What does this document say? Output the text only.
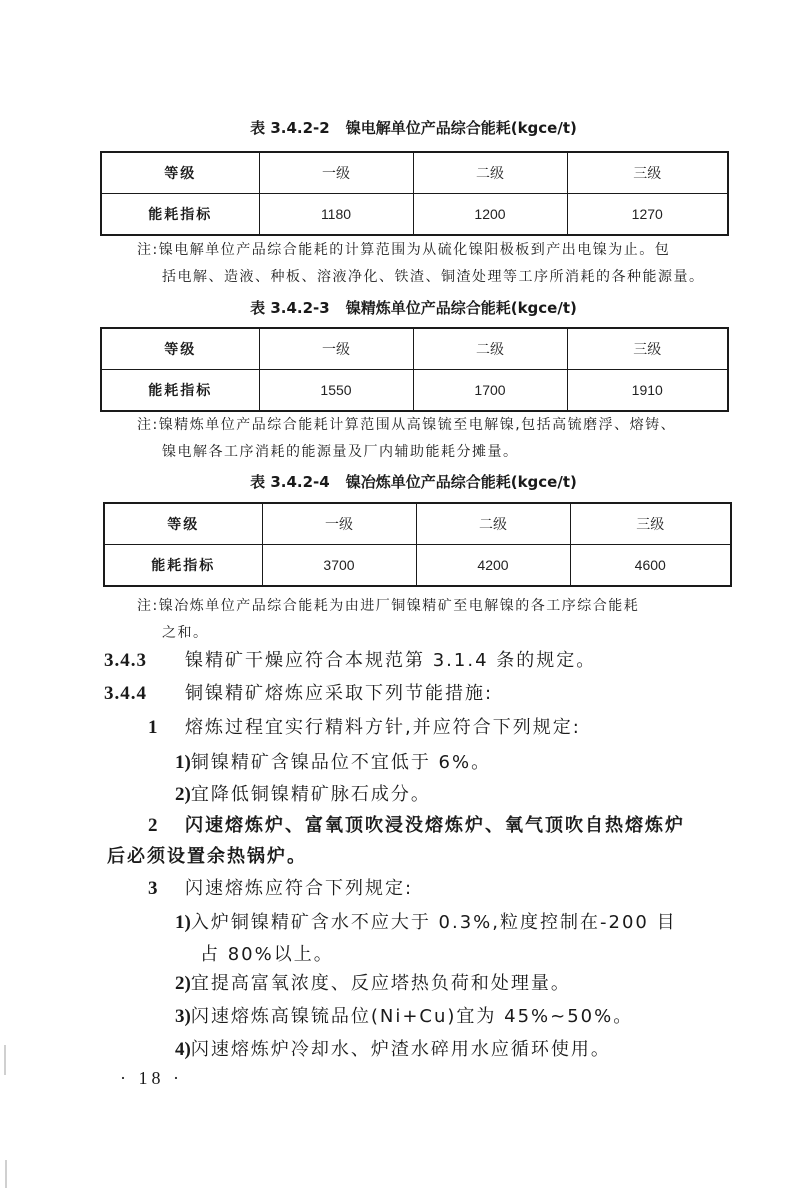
表 3.4.2-2 镍电解单位产品综合能耗(kgce/t)
等级	一级	二级	三级
能耗指标	1180	1200	1270
注:镍电解单位产品综合能耗的计算范围为从硫化镍阳极板到产出电镍为止。包
括电解、造液、种板、溶液净化、铁渣、铜渣处理等工序所消耗的各种能源量。
表 3.4.2-3 镍精炼单位产品综合能耗(kgce/t)
等级	一级	二级	三级
能耗指标	1550	1700	1910
注:镍精炼单位产品综合能耗计算范围从高镍锍至电解镍,包括高锍磨浮、熔铸、
镍电解各工序消耗的能源量及厂内辅助能耗分摊量。
表 3.4.2-4 镍冶炼单位产品综合能耗(kgce/t)
等级	一级	二级	三级
能耗指标	3700	4200	4600
注:镍冶炼单位产品综合能耗为由进厂铜镍精矿至电解镍的各工序综合能耗
之和。
3.4.3 镍精矿干燥应符合本规范第 3.1.4 条的规定。
3.4.4 铜镍精矿熔炼应采取下列节能措施:
1 熔炼过程宜实行精料方针,并应符合下列规定:
1)铜镍精矿含镍品位不宜低于 6%。
2)宜降低铜镍精矿脉石成分。
2 闪速熔炼炉、富氧顶吹浸没熔炼炉、氧气顶吹自热熔炼炉
后必须设置余热锅炉。
3 闪速熔炼应符合下列规定:
1)入炉铜镍精矿含水不应大于 0.3%,粒度控制在-200 目
占 80%以上。
2)宜提高富氧浓度、反应塔热负荷和处理量。
3)闪速熔炼高镍锍品位(Ni+Cu)宜为 45%~50%。
4)闪速熔炼炉冷却水、炉渣水碎用水应循环使用。
· 18 ·
